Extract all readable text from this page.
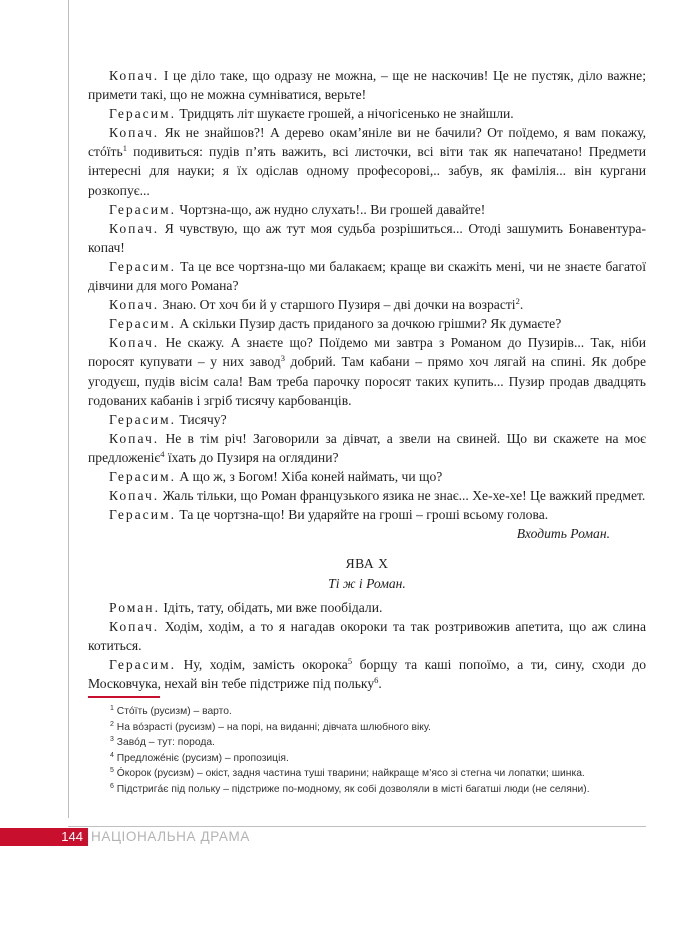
Копач. І це діло таке, що одразу не можна, – ще не наскочив! Це не пустяк, діло важне; примети такі, що не можна сумніватися, верьте!

Герасим. Тридцять літ шукаєте грошей, а нічогісенько не знайшли.

Копач. Як не знайшов?! А дерево окам’яніле ви не бачили? От поїдемо, я вам покажу, стóїть$^1$ подивиться: пудів п’ять важить, всі листочки, всі віти так як напечатано! Предмети інтересні для науки; я їх одіслав одному професорові,.. забув, як фамілія... він кургани розкопує...

Герасим. Чортзна-що, аж нудно слухать!.. Ви грошей давайте!

Копач. Я чувствую, що аж тут моя судьба розрішиться... Отоді зашумить Бонавентура-копач!

Герасим. Та це все чортзна-що ми балакаєм; краще ви скажіть мені, чи не знаєте багатої дівчини для мого Романа?

Копач. Знаю. От хоч би й у старшого Пузиря – дві дочки на возрасті$^2$.

Герасим. А скільки Пузир дасть приданого за дочкою грішми? Як думаєте?

Копач. Не скажу. А знаєте що? Поїдемо ми завтра з Романом до Пузирів... Так, ніби поросят купувати – у них завод$^3$ добрий. Там кабани – прямо хоч лягай на спині. Як добре угодуєш, пудів вісім сала! Вам треба парочку поросят таких купить... Пузир продав двадцять годованих кабанів і згріб тисячу карбованців.

Герасим. Тисячу?

Копач. Не в тім річ! Заговорили за дівчат, а звели на свиней. Що ви скажете на моє предложеніє$^4$ їхать до Пузиря на оглядини?

Герасим. А що ж, з Богом! Хіба коней наймать, чи що?

Копач. Жаль тільки, що Роман французького язика не знає... Хе-хе-хе! Це важкий предмет.

Герасим. Та це чортзна-що! Ви ударяйте на гроші – гроші всьому голова.

Входить Роман.

ЯВА Х

Ті ж і Роман.

Роман. Ідіть, тату, обідать, ми вже пообідали.

Копач. Ходім, ходім, а то я нагадав окороки та так розтривожив апетита, що аж слина котиться.

Герасим. Ну, ходім, замість окорока$^5$ борщу та каші попоїмо, а ти, сину, сходи до Московчука, нехай він тебе підстриже під польку$^6$.

$^1$ Стóїть (русизм) – варто.

$^2$ На вóзрасті (русизм) – на порі, на виданні; дівчата шлюбного віку.

$^3$ Завóд – тут: порода.

$^4$ Предложéніє (русизм) – пропозиція.

$^5$ Óкорок (русизм) – окіст, задня частина туші тварини; найкраще м’ясо зі стегна чи лопатки; шинка.

$^6$ Підстригáє під польку – підстриже по-модному, як собі дозволяли в місті багатші люди (не селяни).

144 НАЦІОНАЛЬНА ДРАМА
